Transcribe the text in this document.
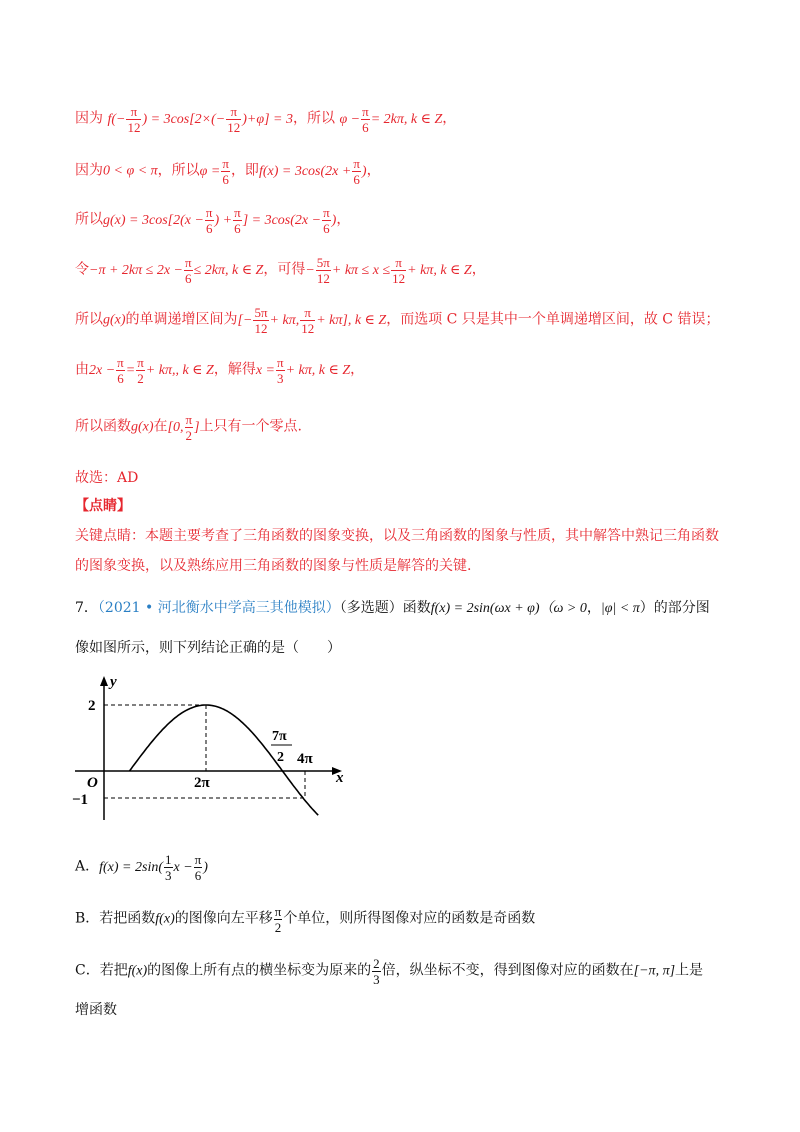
因为 $f(- \frac{\pi}{12}$ ) = $3\cos[2\times(- \frac{\pi}{12} )+\varphi] = 3$，所以 $\varphi - \frac{\pi}{6} = 2k\pi$, k ∈ Z，
因为0 < φ < π，所以$\varphi = \frac{\pi}{6}$ ，即$f(x) = 3\cos(2x + \frac{\pi}{6}$ )，
所以$g(x) = 3\cos[2(x - \frac{\pi}{6}$ ) + $\frac{\pi}{6}$ ] = $3\cos(2x - \frac{\pi}{6}$ )，
令$-\pi + 2k\pi \le 2x - \frac{\pi}{6} \le 2k\pi$, k ∈ Z，可得− $\frac{5\pi}{12} + k\pi \le x \le \frac{\pi}{12} + k\pi$, k ∈ Z，
所以g(x)的单调递增区间为[− $\frac{5\pi}{12} + k\pi$, $\frac{\pi}{12} + k\pi$], k ∈ Z，而选项 C 只是其中一个单调递增区间，故 C 错误；
由$2x - \frac{\pi}{6} = \frac{\pi}{2} + k\pi$,, k ∈ Z，解得$x = \frac{\pi}{3} + k\pi$, k ∈ Z，
所以函数g(x)在[0, $\frac{\pi}{2}$ ]上只有一个零点.
故选：AD
【点睛】
关键点睛：本题主要考查了三角函数的图象变换，以及三角函数的图象与性质，其中解答中熟记三角函数
的图象变换，以及熟练应用三角函数的图象与性质是解答的关键.
7．（2021 • 河北衡水中学高三其他模拟）（多选题）函数f(x) = 2sin(ωx + φ)（ω > 0，|φ| < π）的部分图
像如图所示，则下列结论正确的是（　　）
y
x
O
2
−1
2π
7π
2 4π
A．$f(x) = 2\sin( \frac{1}{3}$ $x - \frac{\pi}{6}$ )
B．若把函数f(x)的图像向左平移 $\frac{\pi}{2}$ 个单位，则所得图像对应的函数是奇函数
C．若把f(x)的图像上所有点的横坐标变为原来的 $\frac{2}{3}$ 倍，纵坐标不变，得到图像对应的函数在[−π, π]上是
增函数
